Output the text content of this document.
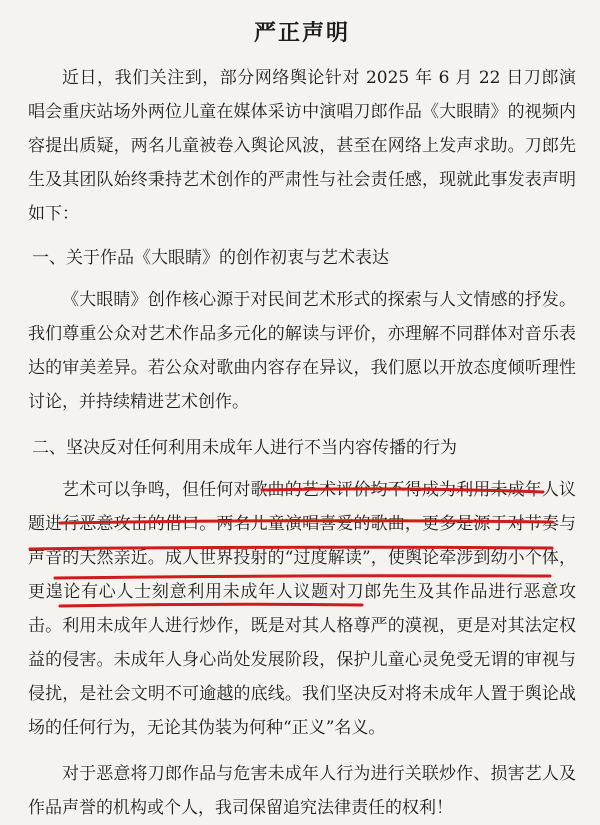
严正声明

近日，我们关注到，部分网络舆论针对 2025 年 6 月 22 日刀郎演唱会重庆站场外两位儿童在媒体采访中演唱刀郎作品《大眼睛》的视频内容提出质疑，两名儿童被卷入舆论风波，甚至在网络上发声求助。刀郎先生及其团队始终秉持艺术创作的严肃性与社会责任感，现就此事发表声明如下：

一、关于作品《大眼睛》的创作初衷与艺术表达

《大眼睛》创作核心源于对民间艺术形式的探索与人文情感的抒发。我们尊重公众对艺术作品多元化的解读与评价，亦理解不同群体对音乐表达的审美差异。若公众对歌曲内容存在异议，我们愿以开放态度倾听理性讨论，并持续精进艺术创作。

二、坚决反对任何利用未成年人进行不当内容传播的行为

艺术可以争鸣，但任何对歌曲的艺术评价均不得成为利用未成年人议题进行恶意攻击的借口。两名儿童演唱喜爱的歌曲，更多是源于对节奏与声音的天然亲近。成人世界投射的“过度解读”，使舆论牵涉到幼小个体，更遑论有心人士刻意利用未成年人议题对刀郎先生及其作品进行恶意攻击。利用未成年人进行炒作，既是对其人格尊严的漠视，更是对其法定权益的侵害。未成年人身心尚处发展阶段，保护儿童心灵免受无谓的审视与侵扰，是社会文明不可逾越的底线。我们坚决反对将未成年人置于舆论战场的任何行为，无论其伪装为何种“正义”名义。

对于恶意将刀郎作品与危害未成年人行为进行关联炒作、损害艺人及作品声誉的机构或个人，我司保留追究法律责任的权利！
